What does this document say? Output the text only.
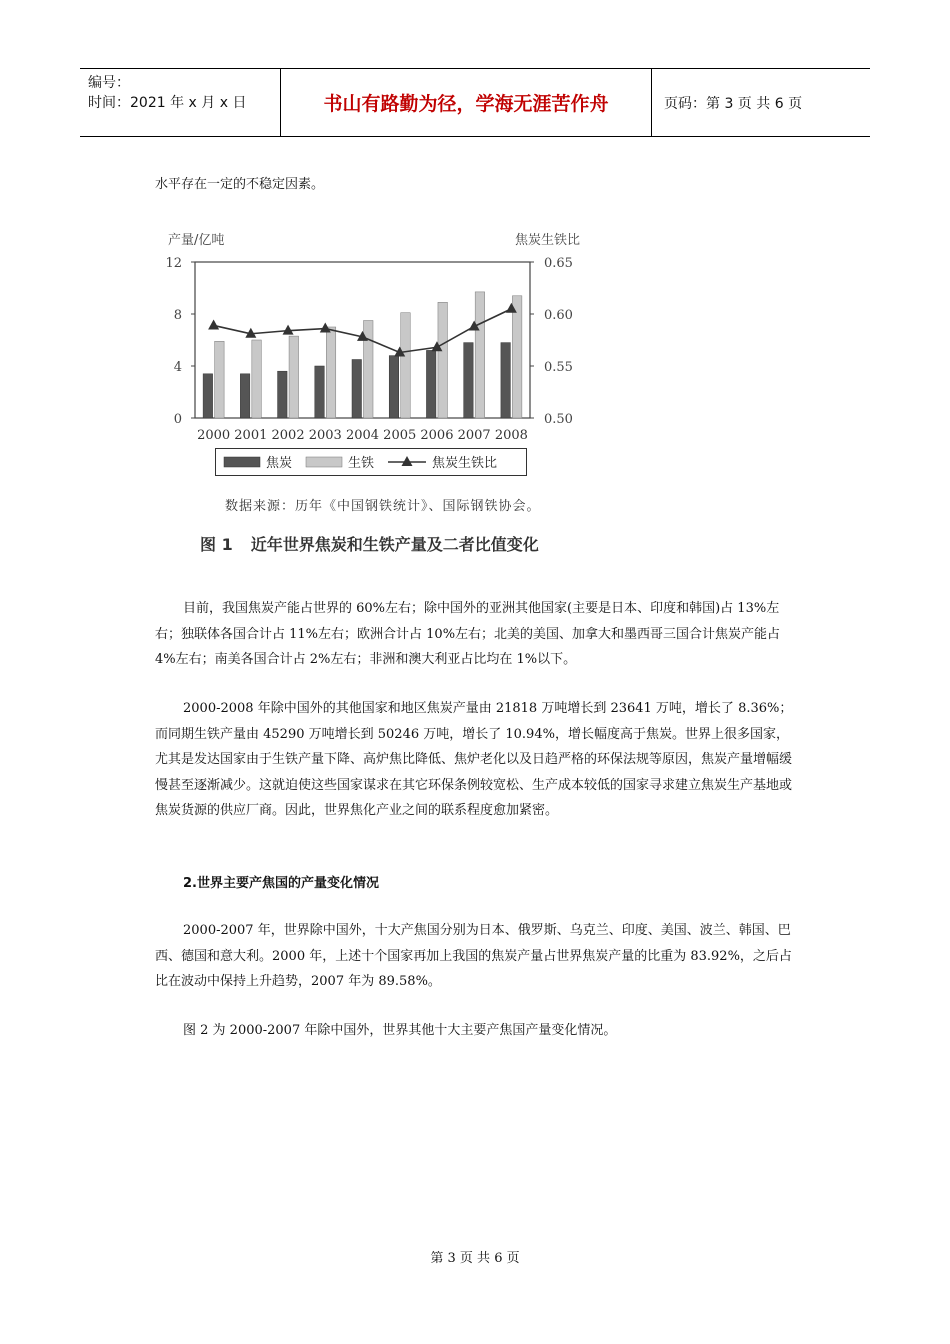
编号：
时间：2021 年 x 月 x 日	书山有路勤为径，学海无涯苦作舟	页码：第 3 页 共 6 页
水平存在一定的不稳定因素。
产量/亿吨	焦炭生铁比
0
4
8
12
0.50
0.55
0.60
0.65
2000 2001 2002 2003 2004 2005 2006 2007 2008
焦炭	生铁	焦炭生铁比
数据来源：历年《中国钢铁统计》、国际钢铁协会。
图 1 近年世界焦炭和生铁产量及二者比值变化
目前，我国焦炭产能占世界的 60%左右；除中国外的亚洲其他国家(主要是日本、印度和韩国)占 13%左右；独联体各国合计占 11%左右；欧洲合计占 10%左右；北美的美国、加拿大和墨西哥三国合计焦炭产能占 4%左右；南美各国合计占 2%左右；非洲和澳大利亚占比均在 1%以下。
2000-2008 年除中国外的其他国家和地区焦炭产量由 21818 万吨增长到 23641 万吨，增长了 8.36%；而同期生铁产量由 45290 万吨增长到 50246 万吨，增长了 10.94%，增长幅度高于焦炭。世界上很多国家，尤其是发达国家由于生铁产量下降、高炉焦比降低、焦炉老化以及日趋严格的环保法规等原因，焦炭产量增幅缓慢甚至逐渐减少。这就迫使这些国家谋求在其它环保条例较宽松、生产成本较低的国家寻求建立焦炭生产基地或焦炭货源的供应厂商。因此，世界焦化产业之间的联系程度愈加紧密。
2.世界主要产焦国的产量变化情况
2000-2007 年，世界除中国外，十大产焦国分别为日本、俄罗斯、乌克兰、印度、美国、波兰、韩国、巴西、德国和意大利。2000 年，上述十个国家再加上我国的焦炭产量占世界焦炭产量的比重为 83.92%，之后占比在波动中保持上升趋势，2007 年为 89.58%。
图 2 为 2000-2007 年除中国外，世界其他十大主要产焦国产量变化情况。
第 3 页 共 6 页
